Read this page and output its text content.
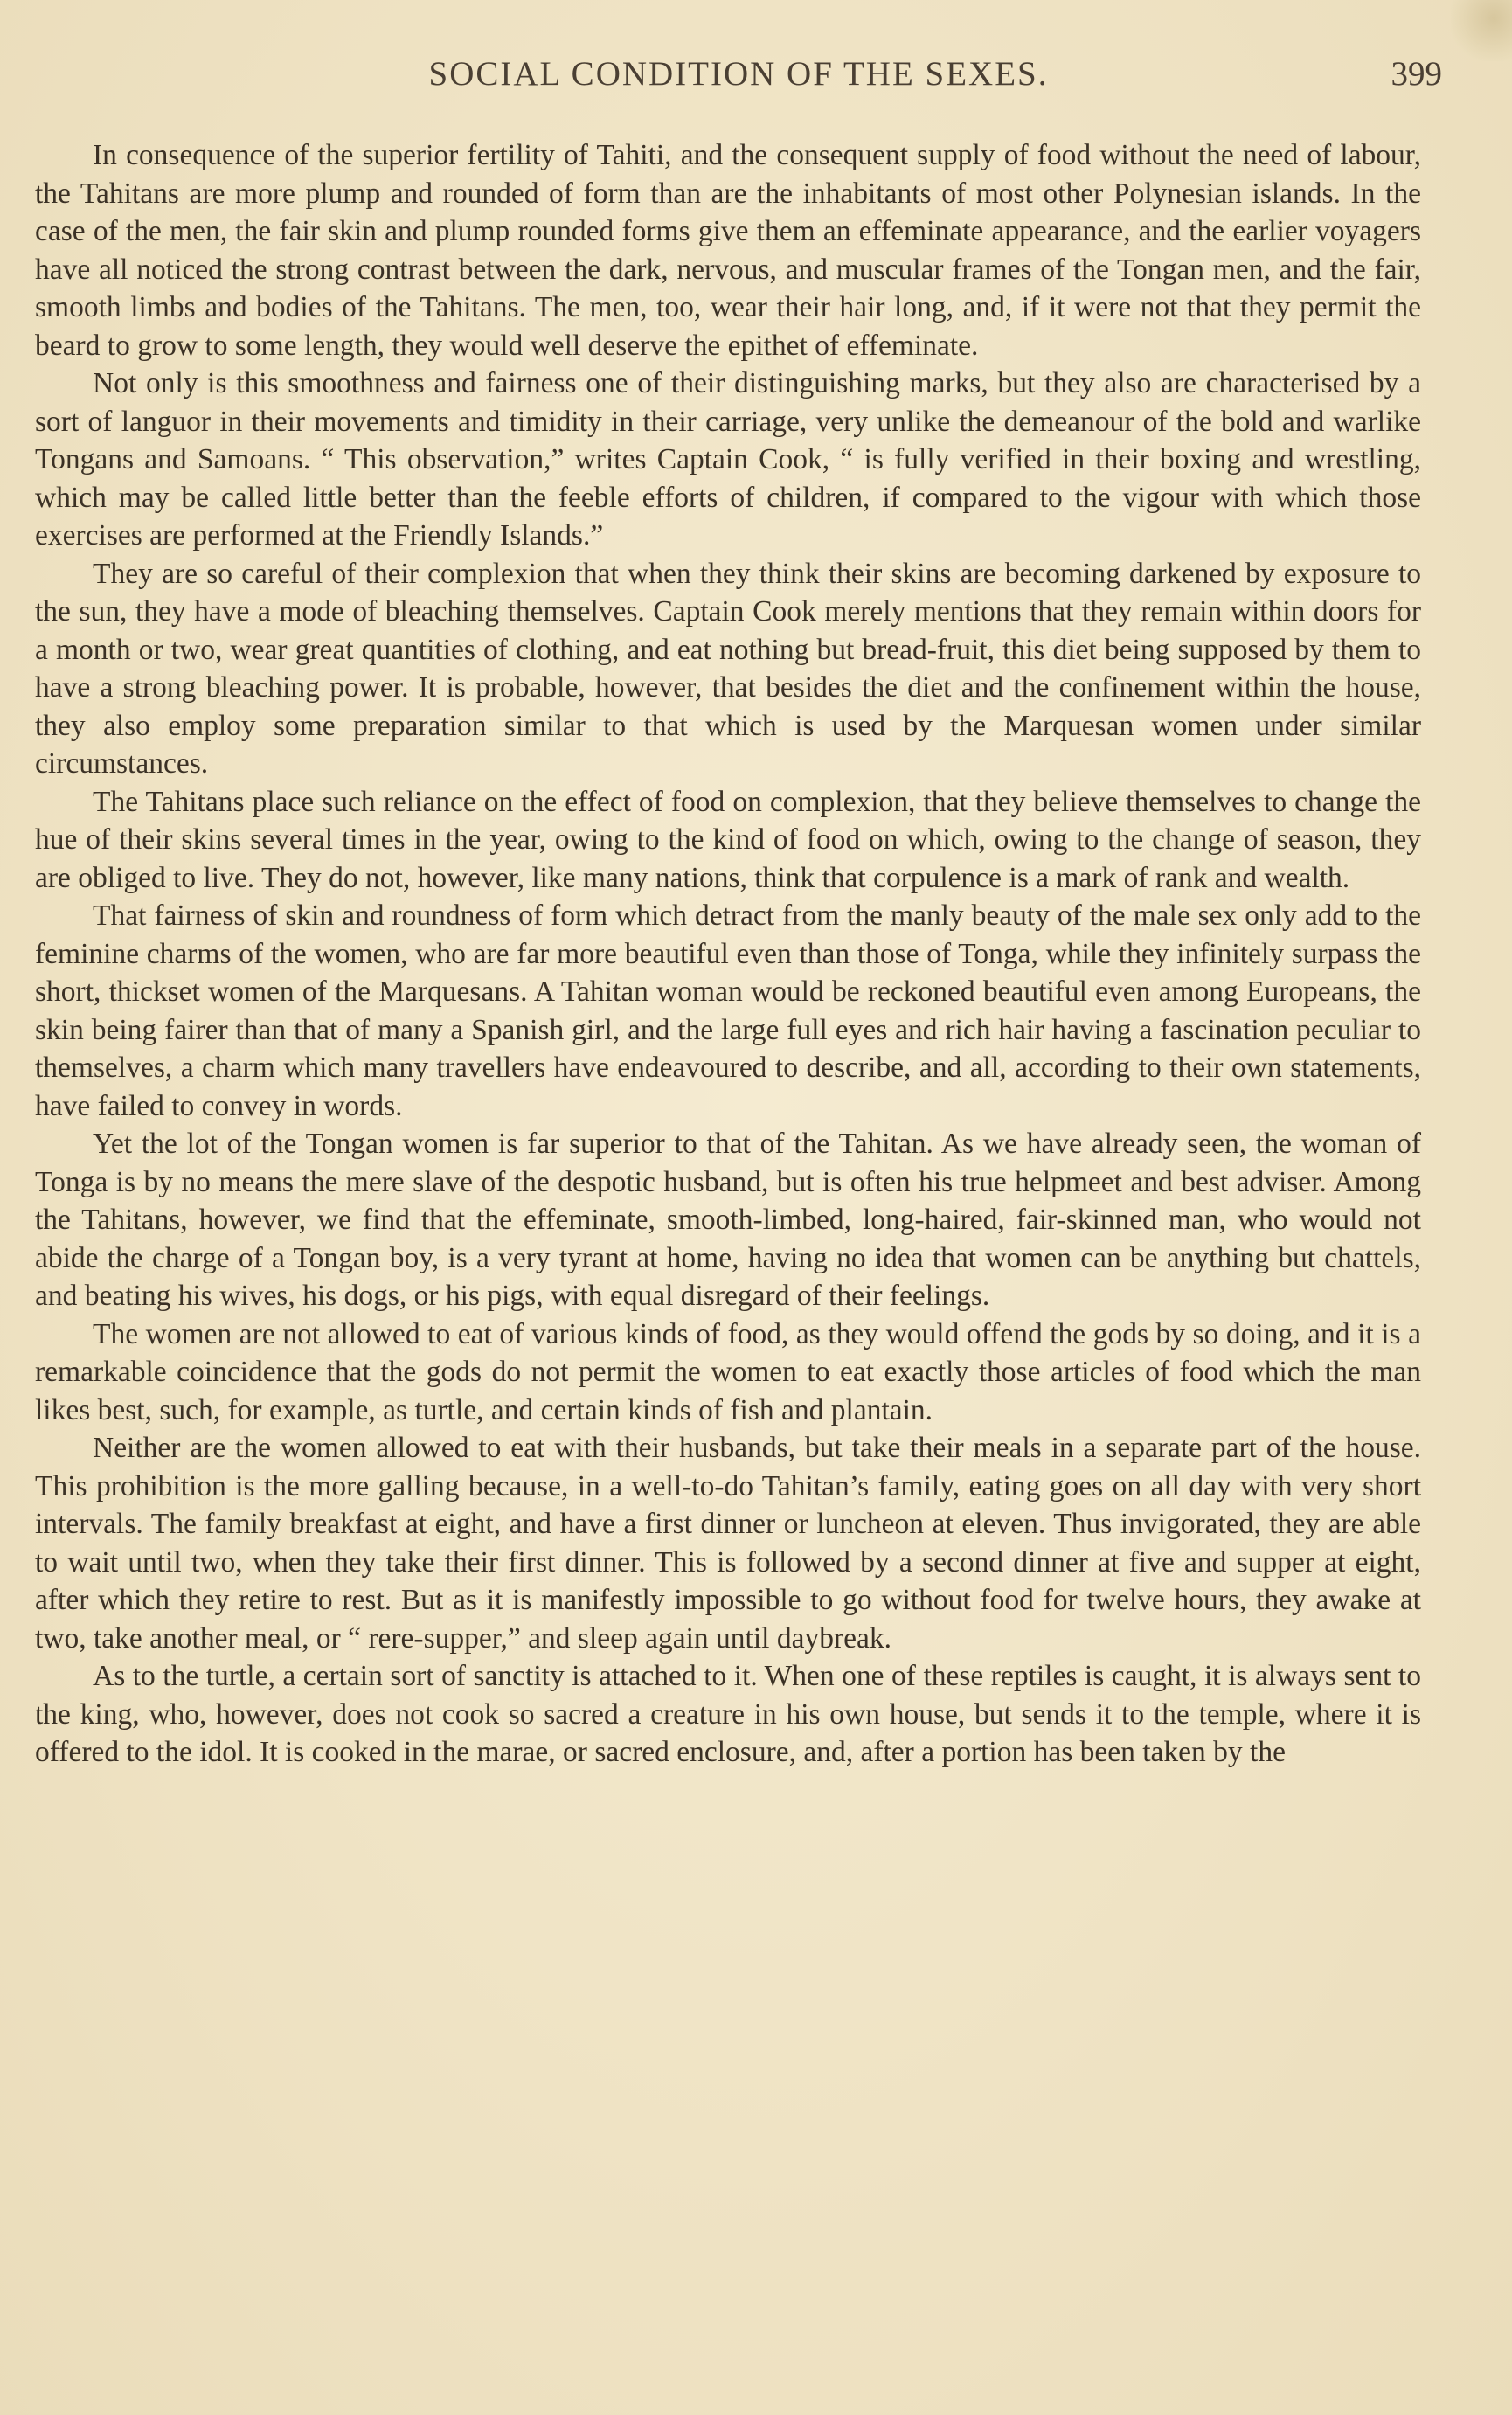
SOCIAL CONDITION OF THE SEXES.	399

In consequence of the superior fertility of Tahiti, and the consequent supply of food without the need of labour, the Tahitans are more plump and rounded of form than are the inhabitants of most other Polynesian islands. In the case of the men, the fair skin and plump rounded forms give them an effeminate appearance, and the earlier voyagers have all noticed the strong contrast between the dark, nervous, and muscular frames of the Tongan men, and the fair, smooth limbs and bodies of the Tahitans. The men, too, wear their hair long, and, if it were not that they permit the beard to grow to some length, they would well deserve the epithet of effeminate.

Not only is this smoothness and fairness one of their distinguishing marks, but they also are characterised by a sort of languor in their movements and timidity in their carriage, very unlike the demeanour of the bold and warlike Tongans and Samoans. “ This observation,” writes Captain Cook, “ is fully verified in their boxing and wrestling, which may be called little better than the feeble efforts of children, if compared to the vigour with which those exercises are performed at the Friendly Islands.”

They are so careful of their complexion that when they think their skins are becoming darkened by exposure to the sun, they have a mode of bleaching themselves. Captain Cook merely mentions that they remain within doors for a month or two, wear great quantities of clothing, and eat nothing but bread-fruit, this diet being supposed by them to have a strong bleaching power. It is probable, however, that besides the diet and the confinement within the house, they also employ some preparation similar to that which is used by the Marquesan women under similar circumstances.

The Tahitans place such reliance on the effect of food on complexion, that they believe themselves to change the hue of their skins several times in the year, owing to the kind of food on which, owing to the change of season, they are obliged to live. They do not, however, like many nations, think that corpulence is a mark of rank and wealth.

That fairness of skin and roundness of form which detract from the manly beauty of the male sex only add to the feminine charms of the women, who are far more beautiful even than those of Tonga, while they infinitely surpass the short, thickset women of the Marquesans. A Tahitan woman would be reckoned beautiful even among Europeans, the skin being fairer than that of many a Spanish girl, and the large full eyes and rich hair having a fascination peculiar to themselves, a charm which many travellers have endeavoured to describe, and all, according to their own statements, have failed to convey in words.

Yet the lot of the Tongan women is far superior to that of the Tahitan. As we have already seen, the woman of Tonga is by no means the mere slave of the despotic husband, but is often his true helpmeet and best adviser. Among the Tahitans, however, we find that the effeminate, smooth-limbed, long-haired, fair-skinned man, who would not abide the charge of a Tongan boy, is a very tyrant at home, having no idea that women can be anything but chattels, and beating his wives, his dogs, or his pigs, with equal disregard of their feelings.

The women are not allowed to eat of various kinds of food, as they would offend the gods by so doing, and it is a remarkable coincidence that the gods do not permit the women to eat exactly those articles of food which the man likes best, such, for example, as turtle, and certain kinds of fish and plantain.

Neither are the women allowed to eat with their husbands, but take their meals in a separate part of the house. This prohibition is the more galling because, in a well-to-do Tahitan’s family, eating goes on all day with very short intervals. The family breakfast at eight, and have a first dinner or luncheon at eleven. Thus invigorated, they are able to wait until two, when they take their first dinner. This is followed by a second dinner at five and supper at eight, after which they retire to rest. But as it is manifestly impossible to go without food for twelve hours, they awake at two, take another meal, or “ rere-supper,” and sleep again until daybreak.

As to the turtle, a certain sort of sanctity is attached to it. When one of these reptiles is caught, it is always sent to the king, who, however, does not cook so sacred a creature in his own house, but sends it to the temple, where it is offered to the idol. It is cooked in the marae, or sacred enclosure, and, after a portion has been taken by the
